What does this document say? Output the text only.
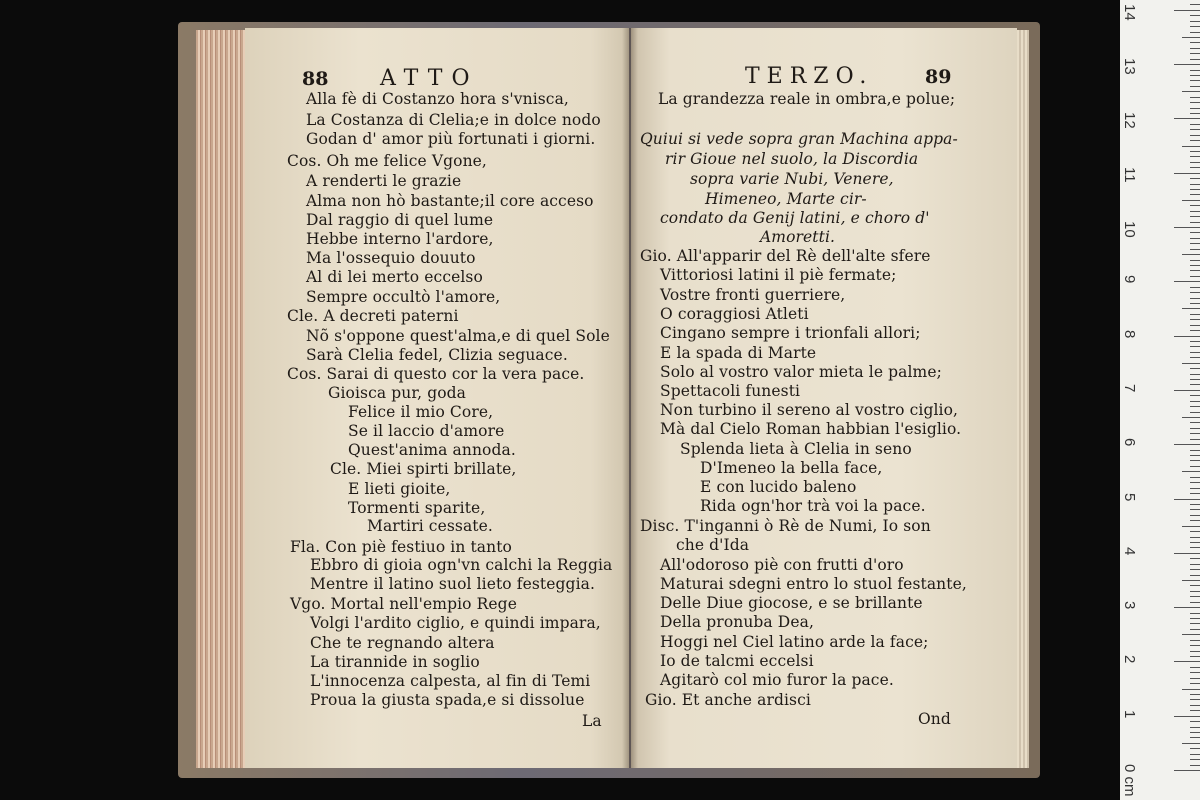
88 ATTO	TERZO.	89
Alla fè di Costanzo hora s'vnisca,
La Costanza di Clelia;e in dolce nodo
Godan d' amor più fortunati i giorni.
Cos. Oh me felice Vgone,
A renderti le grazie
Alma non hò bastante;il core acceso
Dal raggio di quel lume
Hebbe interno l'ardore,
Ma l'ossequio douuto
Al di lei merto eccelso
Sempre occultò l'amore,
Cle. A decreti paterni
Nõ s'oppone quest'alma,e di quel Sole
Sarà Clelia fedel, Clizia seguace.
Cos. Sarai di questo cor la vera pace.
Gioisca pur, goda
Felice il mio Core,
Se il laccio d'amore
Quest'anima annoda.
Cle. Miei spirti brillate,
E lieti gioite,
Tormenti sparite,
Martiri cessate.
Fla. Con piè festiuo in tanto
Ebbro di gioia ogn'vn calchi la Reggia
Mentre il latino suol lieto festeggia.
Vgo. Mortal nell'empio Rege
Volgi l'ardito ciglio, e quindi impara,
Che te regnando altera
La tirannide in soglio
L'innocenza calpesta, al fin di Temi
Proua la giusta spada,e si dissolue
La
La grandezza reale in ombra,e polue;
Quiui si vede sopra gran Machina appa-
rir Gioue nel suolo, la Discordia
sopra varie Nubi, Venere,
Himeneo, Marte cir-
condato da Genij latini, e choro d'
Amoretti.
Gio. All'apparir del Rè dell'alte sfere
Vittoriosi latini il piè fermate;
Vostre fronti guerriere,
O coraggiosi Atleti
Cingano sempre i trionfali allori;
E la spada di Marte
Solo al vostro valor mieta le palme;
Spettacoli funesti
Non turbino il sereno al vostro ciglio,
Mà dal Cielo Roman habbian l'esiglio.
Splenda lieta à Clelia in seno
D'Imeneo la bella face,
E con lucido baleno
Rida ogn'hor trà voi la pace.
Disc. T'inganni ò Rè de Numi, Io son
che d'Ida
All'odoroso piè con frutti d'oro
Maturai sdegni entro lo stuol festante,
Delle Diue giocose, e se brillante
Della pronuba Dea,
Hoggi nel Ciel latino arde la face;
Io de talcmi eccelsi
Agitarò col mio furor la pace.
Gio. Et anche ardisci
Ond
0 cm
1
2
3
4
5
6
7
8
9
10
11
12
13
14
